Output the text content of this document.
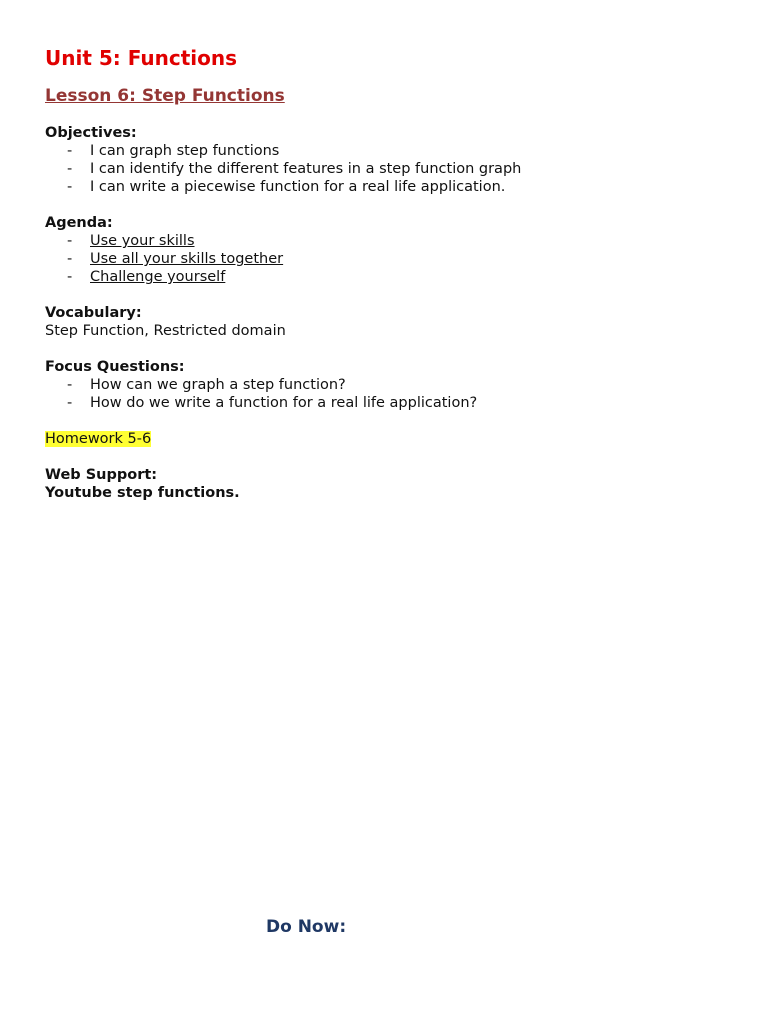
Unit 5: Functions
Lesson 6: Step Functions
Objectives:
- I can graph step functions
- I can identify the different features in a step function graph
- I can write a piecewise function for a real life application.
Agenda:
- Use your skills
- Use all your skills together
- Challenge yourself
Vocabulary:
Step Function, Restricted domain
Focus Questions:
- How can we graph a step function?
- How do we write a function for a real life application?
Homework 5-6
Web Support:
Youtube step functions.
Do Now:
